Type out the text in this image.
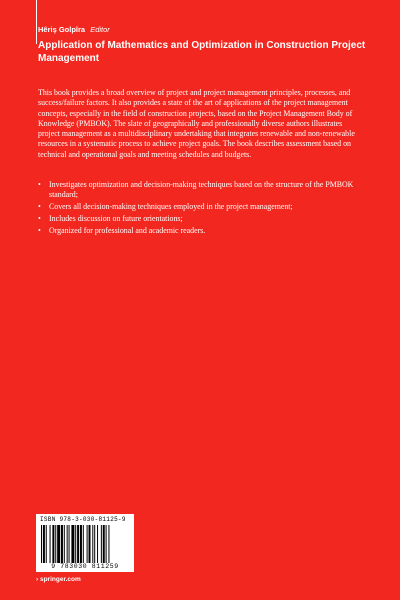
Hêriş Golpîra Editor
Application of Mathematics and Optimization in Construction Project Management

This book provides a broad overview of project and project management principles, processes, and success/failure factors. It also provides a state of the art of applications of the project management concepts, especially in the field of construction projects, based on the Project Management Body of Knowledge (PMBOK). The slate of geographically and professionally diverse authors illustrates project management as a multidisciplinary undertaking that integrates renewable and non-renewable resources in a systematic process to achieve project goals. The book describes assessment based on technical and operational goals and meeting schedules and budgets.

• Investigates optimization and decision-making techniques based on the structure of the PMBOK standard;
• Covers all decision-making techniques employed in the project management;
• Includes discussion on future orientations;
• Organized for professional and academic readers.
ISBN 978-3-030-81125-9
9 783030 811259
› springer.com
